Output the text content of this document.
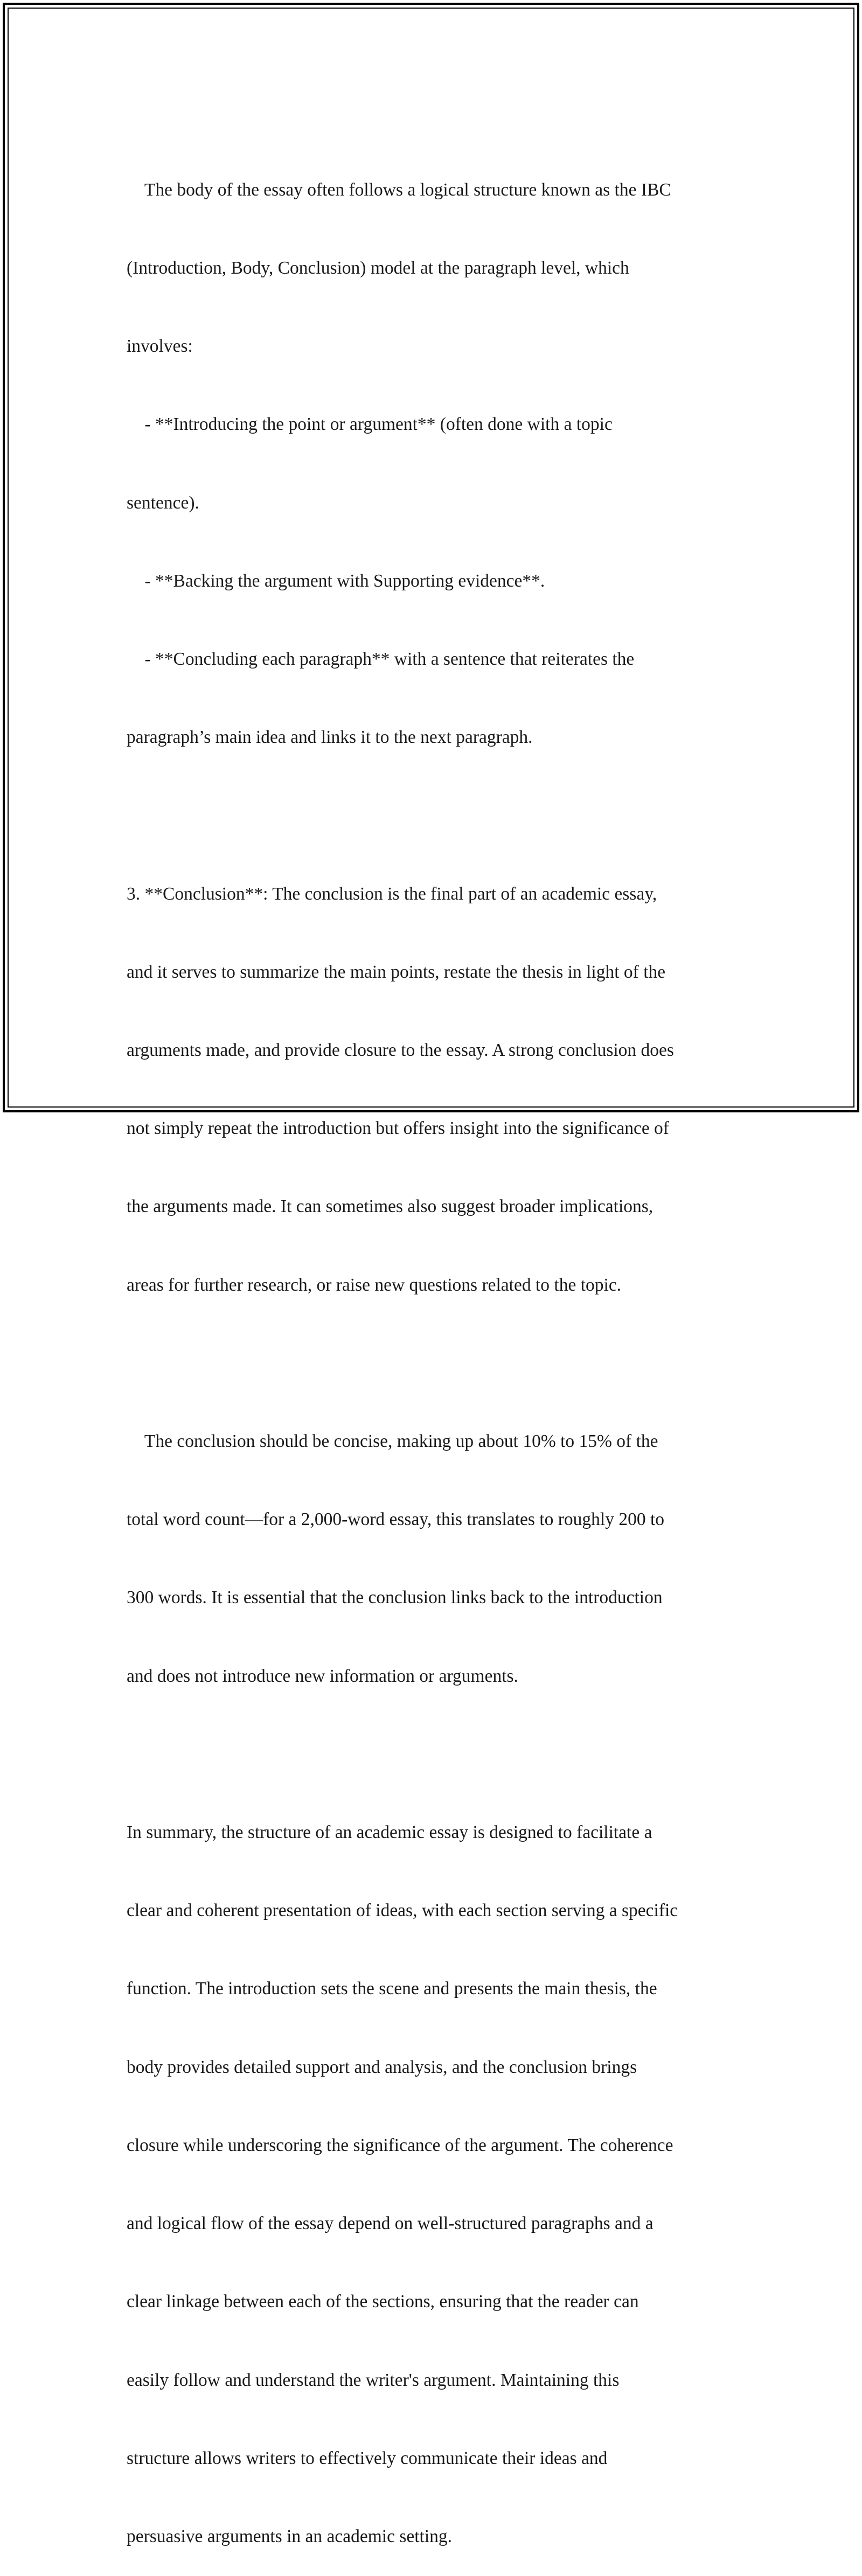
The body of the essay often follows a logical structure known as the IBC

(Introduction, Body, Conclusion) model at the paragraph level, which

involves:

- **Introducing the point or argument** (often done with a topic

sentence).

- **Backing the argument with Supporting evidence**.

- **Concluding each paragraph** with a sentence that reiterates the

paragraph’s main idea and links it to the next paragraph.

3. **Conclusion**: The conclusion is the final part of an academic essay,

and it serves to summarize the main points, restate the thesis in light of the

arguments made, and provide closure to the essay. A strong conclusion does

not simply repeat the introduction but offers insight into the significance of

the arguments made. It can sometimes also suggest broader implications,

areas for further research, or raise new questions related to the topic.

The conclusion should be concise, making up about 10% to 15% of the

total word count—for a 2,000-word essay, this translates to roughly 200 to

300 words. It is essential that the conclusion links back to the introduction

and does not introduce new information or arguments.

In summary, the structure of an academic essay is designed to facilitate a

clear and coherent presentation of ideas, with each section serving a specific

function. The introduction sets the scene and presents the main thesis, the

body provides detailed support and analysis, and the conclusion brings

closure while underscoring the significance of the argument. The coherence

and logical flow of the essay depend on well-structured paragraphs and a

clear linkage between each of the sections, ensuring that the reader can

easily follow and understand the writer's argument. Maintaining this

structure allows writers to effectively communicate their ideas and

persuasive arguments in an academic setting.
